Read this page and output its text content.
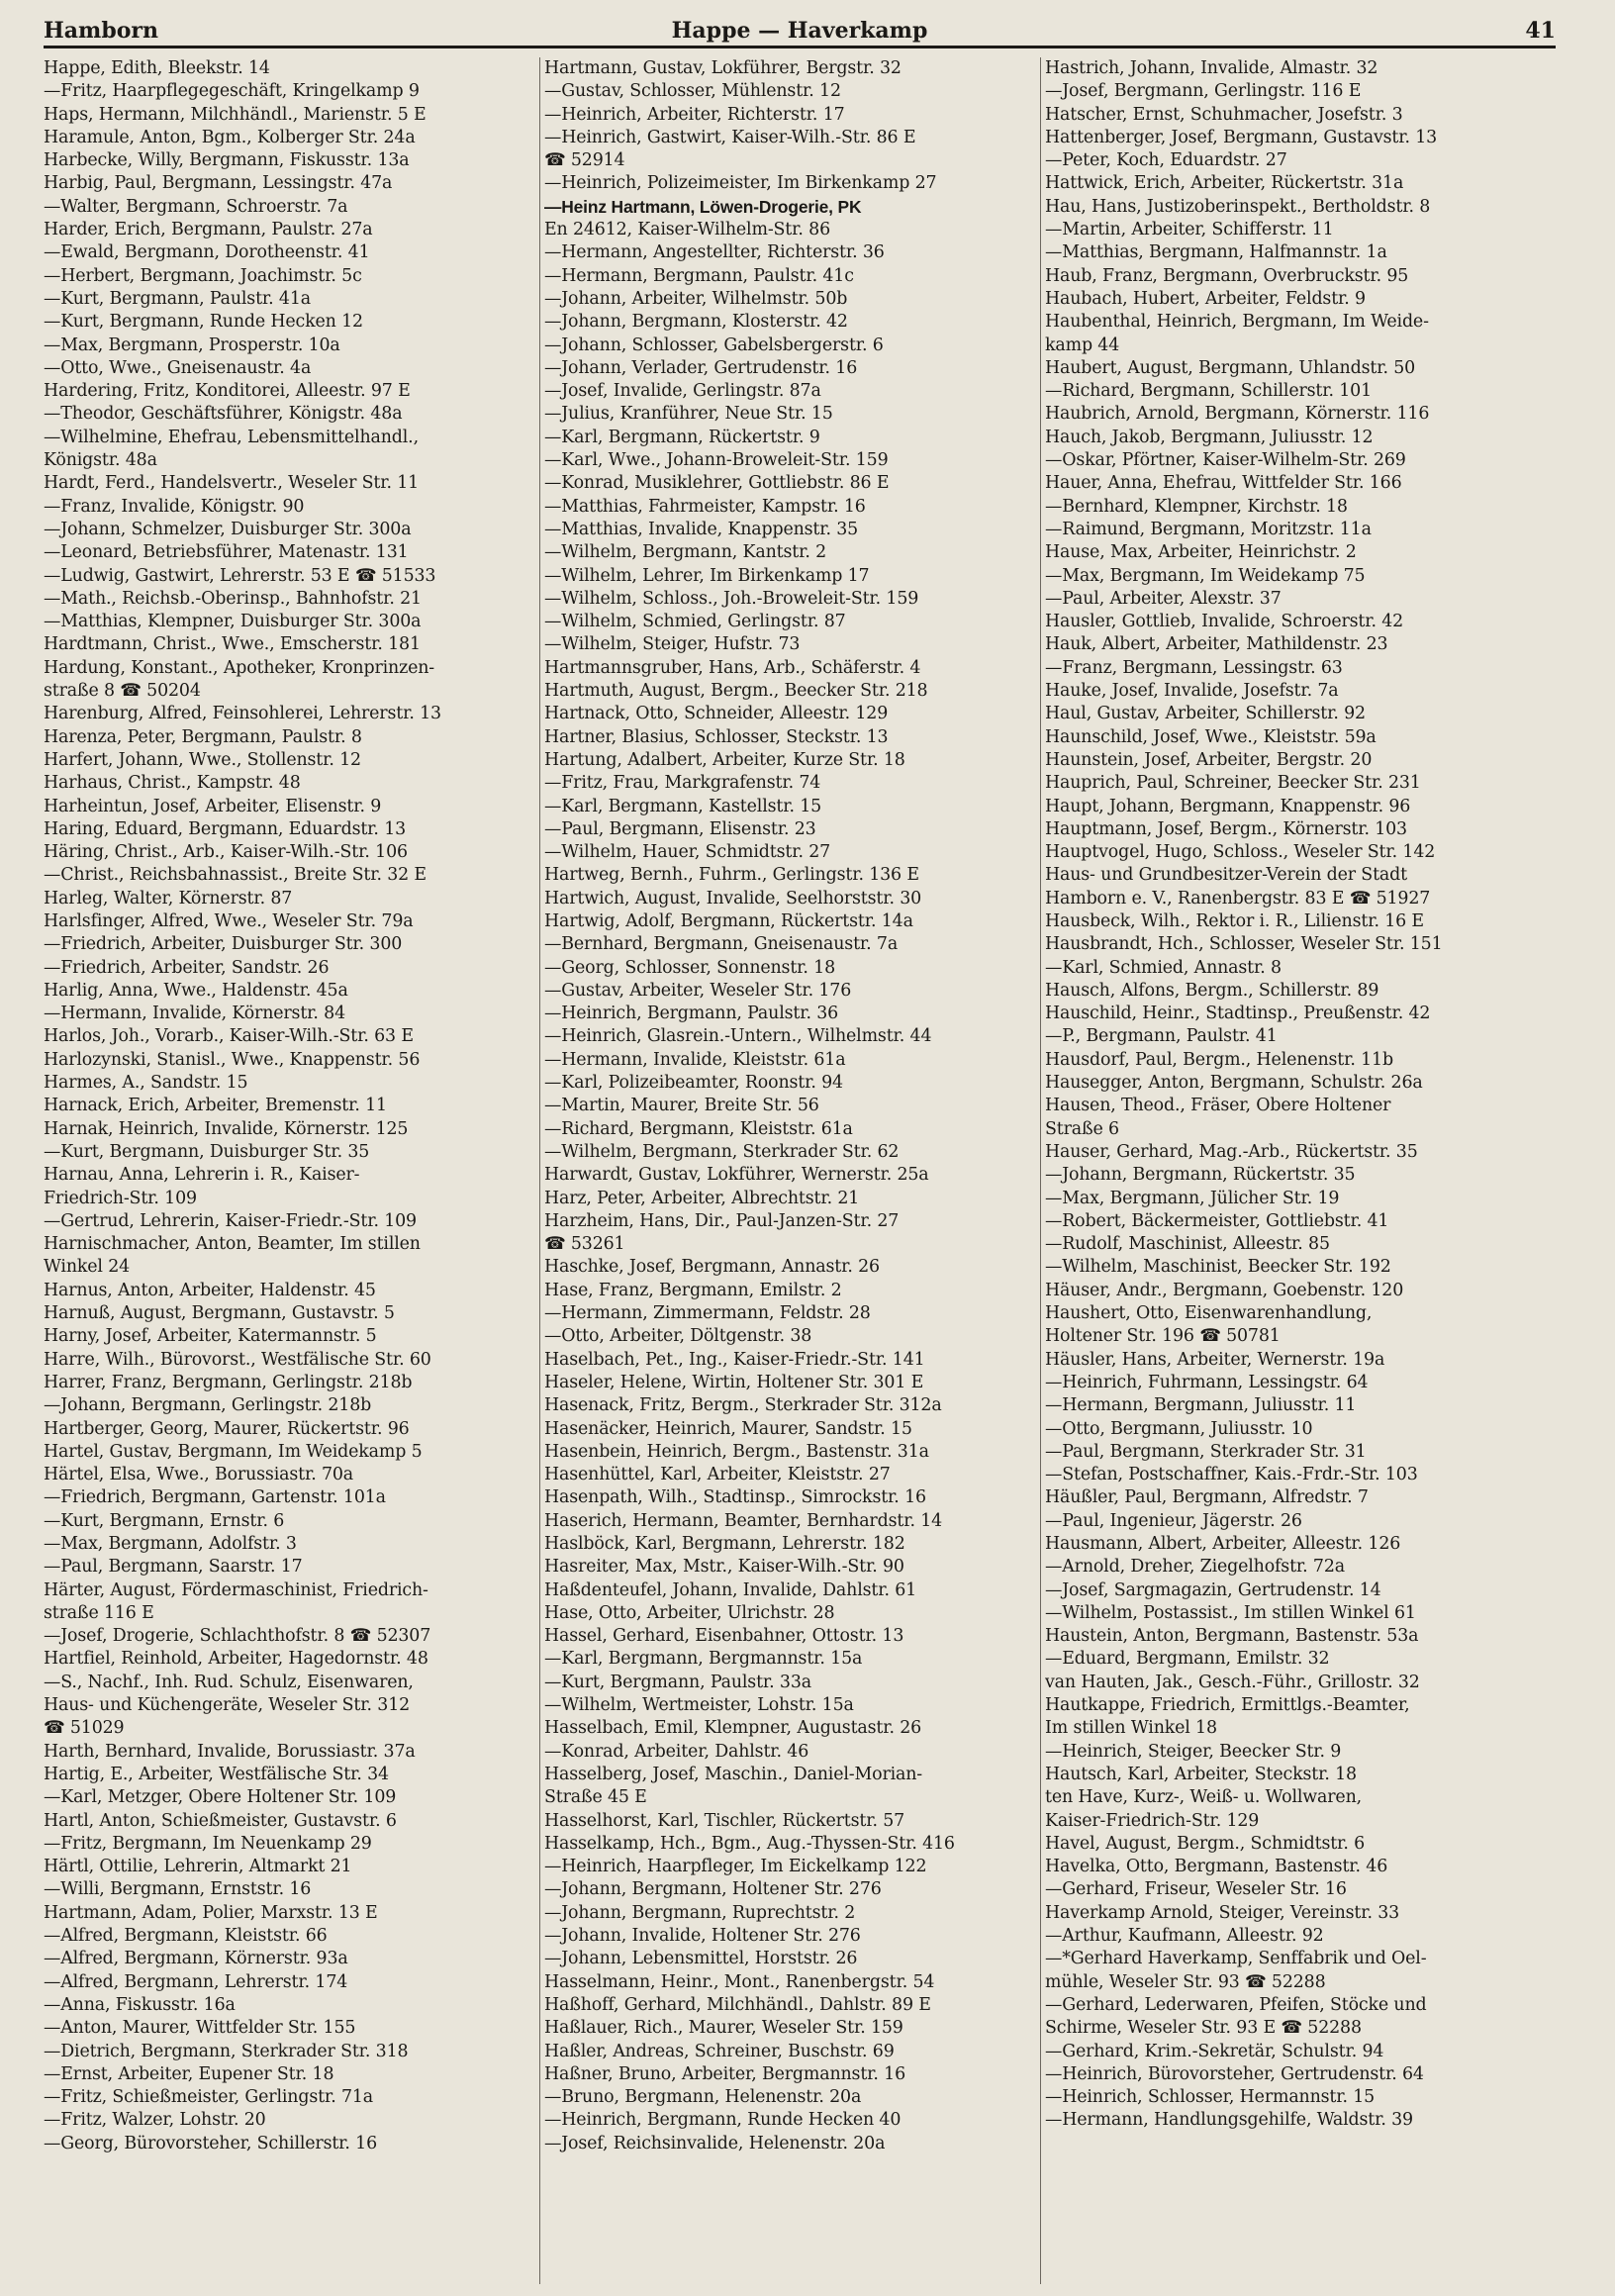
Hamborn	Happe — Haverkamp	41
Happe, Edith, Bleekstr. 14
—Fritz, Haarpflegegeschäft, Kringelkamp 9
Haps, Hermann, Milchhändl., Marienstr. 5 E
Haramule, Anton, Bgm., Kolberger Str. 24a
Harbecke, Willy, Bergmann, Fiskusstr. 13a
Harbig, Paul, Bergmann, Lessingstr. 47a
—Walter, Bergmann, Schroerstr. 7a
Harder, Erich, Bergmann, Paulstr. 27a
—Ewald, Bergmann, Dorotheenstr. 41
—Herbert, Bergmann, Joachimstr. 5c
—Kurt, Bergmann, Paulstr. 41a
—Kurt, Bergmann, Runde Hecken 12
—Max, Bergmann, Prosperstr. 10a
—Otto, Wwe., Gneisenaustr. 4a
Hardering, Fritz, Konditorei, Alleestr. 97 E
—Theodor, Geschäftsführer, Königstr. 48a
—Wilhelmine, Ehefrau, Lebensmittelhandl.,
Königstr. 48a
Hardt, Ferd., Handelsvertr., Weseler Str. 11
—Franz, Invalide, Königstr. 90
—Johann, Schmelzer, Duisburger Str. 300a
—Leonard, Betriebsführer, Matenastr. 131
—Ludwig, Gastwirt, Lehrerstr. 53 E ☎ 51533
—Math., Reichsb.-Oberinsp., Bahnhofstr. 21
—Matthias, Klempner, Duisburger Str. 300a
Hardtmann, Christ., Wwe., Emscherstr. 181
Hardung, Konstant., Apotheker, Kronprinzen-
straße 8 ☎ 50204
Harenburg, Alfred, Feinsohlerei, Lehrerstr. 13
Harenza, Peter, Bergmann, Paulstr. 8
Harfert, Johann, Wwe., Stollenstr. 12
Harhaus, Christ., Kampstr. 48
Harheintun, Josef, Arbeiter, Elisenstr. 9
Haring, Eduard, Bergmann, Eduardstr. 13
Häring, Christ., Arb., Kaiser-Wilh.-Str. 106
—Christ., Reichsbahnassist., Breite Str. 32 E
Harleg, Walter, Körnerstr. 87
Harlsfinger, Alfred, Wwe., Weseler Str. 79a
—Friedrich, Arbeiter, Duisburger Str. 300
—Friedrich, Arbeiter, Sandstr. 26
Harlig, Anna, Wwe., Haldenstr. 45a
—Hermann, Invalide, Körnerstr. 84
Harlos, Joh., Vorarb., Kaiser-Wilh.-Str. 63 E
Harlozynski, Stanisl., Wwe., Knappenstr. 56
Harmes, A., Sandstr. 15
Harnack, Erich, Arbeiter, Bremenstr. 11
Harnak, Heinrich, Invalide, Körnerstr. 125
—Kurt, Bergmann, Duisburger Str. 35
Harnau, Anna, Lehrerin i. R., Kaiser-
Friedrich-Str. 109
—Gertrud, Lehrerin, Kaiser-Friedr.-Str. 109
Harnischmacher, Anton, Beamter, Im stillen
Winkel 24
Harnus, Anton, Arbeiter, Haldenstr. 45
Harnuß, August, Bergmann, Gustavstr. 5
Harny, Josef, Arbeiter, Katermannstr. 5
Harre, Wilh., Bürovorst., Westfälische Str. 60
Harrer, Franz, Bergmann, Gerlingstr. 218b
—Johann, Bergmann, Gerlingstr. 218b
Hartberger, Georg, Maurer, Rückertstr. 96
Hartel, Gustav, Bergmann, Im Weidekamp 5
Härtel, Elsa, Wwe., Borussiastr. 70a
—Friedrich, Bergmann, Gartenstr. 101a
—Kurt, Bergmann, Ernstr. 6
—Max, Bergmann, Adolfstr. 3
—Paul, Bergmann, Saarstr. 17
Härter, August, Fördermaschinist, Friedrich-
straße 116 E
—Josef, Drogerie, Schlachthofstr. 8 ☎ 52307
Hartfiel, Reinhold, Arbeiter, Hagedornstr. 48
—S., Nachf., Inh. Rud. Schulz, Eisenwaren,
Haus- und Küchengeräte, Weseler Str. 312
☎ 51029
Harth, Bernhard, Invalide, Borussiastr. 37a
Hartig, E., Arbeiter, Westfälische Str. 34
—Karl, Metzger, Obere Holtener Str. 109
Hartl, Anton, Schießmeister, Gustavstr. 6
—Fritz, Bergmann, Im Neuenkamp 29
Härtl, Ottilie, Lehrerin, Altmarkt 21
—Willi, Bergmann, Ernststr. 16
Hartmann, Adam, Polier, Marxstr. 13 E
—Alfred, Bergmann, Kleiststr. 66
—Alfred, Bergmann, Körnerstr. 93a
—Alfred, Bergmann, Lehrerstr. 174
—Anna, Fiskusstr. 16a
—Anton, Maurer, Wittfelder Str. 155
—Dietrich, Bergmann, Sterkrader Str. 318
—Ernst, Arbeiter, Eupener Str. 18
—Fritz, Schießmeister, Gerlingstr. 71a
—Fritz, Walzer, Lohstr. 20
—Georg, Bürovorsteher, Schillerstr. 16
Hartmann, Gustav, Lokführer, Bergstr. 32
—Gustav, Schlosser, Mühlenstr. 12
—Heinrich, Arbeiter, Richterstr. 17
—Heinrich, Gastwirt, Kaiser-Wilh.-Str. 86 E
☎ 52914
—Heinrich, Polizeimeister, Im Birkenkamp 27
—Heinz Hartmann, Löwen-Drogerie, PK
En 24612, Kaiser-Wilhelm-Str. 86
—Hermann, Angestellter, Richterstr. 36
—Hermann, Bergmann, Paulstr. 41c
—Johann, Arbeiter, Wilhelmstr. 50b
—Johann, Bergmann, Klosterstr. 42
—Johann, Schlosser, Gabelsbergerstr. 6
—Johann, Verlader, Gertrudenstr. 16
—Josef, Invalide, Gerlingstr. 87a
—Julius, Kranführer, Neue Str. 15
—Karl, Bergmann, Rückertstr. 9
—Karl, Wwe., Johann-Broweleit-Str. 159
—Konrad, Musiklehrer, Gottliebstr. 86 E
—Matthias, Fahrmeister, Kampstr. 16
—Matthias, Invalide, Knappenstr. 35
—Wilhelm, Bergmann, Kantstr. 2
—Wilhelm, Lehrer, Im Birkenkamp 17
—Wilhelm, Schloss., Joh.-Broweleit-Str. 159
—Wilhelm, Schmied, Gerlingstr. 87
—Wilhelm, Steiger, Hufstr. 73
Hartmannsgruber, Hans, Arb., Schäferstr. 4
Hartmuth, August, Bergm., Beecker Str. 218
Hartnack, Otto, Schneider, Alleestr. 129
Hartner, Blasius, Schlosser, Steckstr. 13
Hartung, Adalbert, Arbeiter, Kurze Str. 18
—Fritz, Frau, Markgrafenstr. 74
—Karl, Bergmann, Kastellstr. 15
—Paul, Bergmann, Elisenstr. 23
—Wilhelm, Hauer, Schmidtstr. 27
Hartweg, Bernh., Fuhrm., Gerlingstr. 136 E
Hartwich, August, Invalide, Seelhorststr. 30
Hartwig, Adolf, Bergmann, Rückertstr. 14a
—Bernhard, Bergmann, Gneisenaustr. 7a
—Georg, Schlosser, Sonnenstr. 18
—Gustav, Arbeiter, Weseler Str. 176
—Heinrich, Bergmann, Paulstr. 36
—Heinrich, Glasrein.-Untern., Wilhelmstr. 44
—Hermann, Invalide, Kleiststr. 61a
—Karl, Polizeibeamter, Roonstr. 94
—Martin, Maurer, Breite Str. 56
—Richard, Bergmann, Kleiststr. 61a
—Wilhelm, Bergmann, Sterkrader Str. 62
Harwardt, Gustav, Lokführer, Wernerstr. 25a
Harz, Peter, Arbeiter, Albrechtstr. 21
Harzheim, Hans, Dir., Paul-Janzen-Str. 27
☎ 53261
Haschke, Josef, Bergmann, Annastr. 26
Hase, Franz, Bergmann, Emilstr. 2
—Hermann, Zimmermann, Feldstr. 28
—Otto, Arbeiter, Döltgenstr. 38
Haselbach, Pet., Ing., Kaiser-Friedr.-Str. 141
Haseler, Helene, Wirtin, Holtener Str. 301 E
Hasenack, Fritz, Bergm., Sterkrader Str. 312a
Hasenäcker, Heinrich, Maurer, Sandstr. 15
Hasenbein, Heinrich, Bergm., Bastenstr. 31a
Hasenhüttel, Karl, Arbeiter, Kleiststr. 27
Hasenpath, Wilh., Stadtinsp., Simrockstr. 16
Haserich, Hermann, Beamter, Bernhardstr. 14
Haslböck, Karl, Bergmann, Lehrerstr. 182
Hasreiter, Max, Mstr., Kaiser-Wilh.-Str. 90
Haßdenteufel, Johann, Invalide, Dahlstr. 61
Hase, Otto, Arbeiter, Ulrichstr. 28
Hassel, Gerhard, Eisenbahner, Ottostr. 13
—Karl, Bergmann, Bergmannstr. 15a
—Kurt, Bergmann, Paulstr. 33a
—Wilhelm, Wertmeister, Lohstr. 15a
Hasselbach, Emil, Klempner, Augustastr. 26
—Konrad, Arbeiter, Dahlstr. 46
Hasselberg, Josef, Maschin., Daniel-Morian-
Straße 45 E
Hasselhorst, Karl, Tischler, Rückertstr. 57
Hasselkamp, Hch., Bgm., Aug.-Thyssen-Str. 416
—Heinrich, Haarpfleger, Im Eickelkamp 122
—Johann, Bergmann, Holtener Str. 276
—Johann, Bergmann, Ruprechtstr. 2
—Johann, Invalide, Holtener Str. 276
—Johann, Lebensmittel, Horststr. 26
Hasselmann, Heinr., Mont., Ranenbergstr. 54
Haßhoff, Gerhard, Milchhändl., Dahlstr. 89 E
Haßlauer, Rich., Maurer, Weseler Str. 159
Haßler, Andreas, Schreiner, Buschstr. 69
Haßner, Bruno, Arbeiter, Bergmannstr. 16
—Bruno, Bergmann, Helenenstr. 20a
—Heinrich, Bergmann, Runde Hecken 40
—Josef, Reichsinvalide, Helenenstr. 20a
Hastrich, Johann, Invalide, Almastr. 32
—Josef, Bergmann, Gerlingstr. 116 E
Hatscher, Ernst, Schuhmacher, Josefstr. 3
Hattenberger, Josef, Bergmann, Gustavstr. 13
—Peter, Koch, Eduardstr. 27
Hattwick, Erich, Arbeiter, Rückertstr. 31a
Hau, Hans, Justizoberinspekt., Bertholdstr. 8
—Martin, Arbeiter, Schifferstr. 11
—Matthias, Bergmann, Halfmannstr. 1a
Haub, Franz, Bergmann, Overbruckstr. 95
Haubach, Hubert, Arbeiter, Feldstr. 9
Haubenthal, Heinrich, Bergmann, Im Weide-
kamp 44
Haubert, August, Bergmann, Uhlandstr. 50
—Richard, Bergmann, Schillerstr. 101
Haubrich, Arnold, Bergmann, Körnerstr. 116
Hauch, Jakob, Bergmann, Juliusstr. 12
—Oskar, Pförtner, Kaiser-Wilhelm-Str. 269
Hauer, Anna, Ehefrau, Wittfelder Str. 166
—Bernhard, Klempner, Kirchstr. 18
—Raimund, Bergmann, Moritzstr. 11a
Hause, Max, Arbeiter, Heinrichstr. 2
—Max, Bergmann, Im Weidekamp 75
—Paul, Arbeiter, Alexstr. 37
Hausler, Gottlieb, Invalide, Schroerstr. 42
Hauk, Albert, Arbeiter, Mathildenstr. 23
—Franz, Bergmann, Lessingstr. 63
Hauke, Josef, Invalide, Josefstr. 7a
Haul, Gustav, Arbeiter, Schillerstr. 92
Haunschild, Josef, Wwe., Kleiststr. 59a
Haunstein, Josef, Arbeiter, Bergstr. 20
Hauprich, Paul, Schreiner, Beecker Str. 231
Haupt, Johann, Bergmann, Knappenstr. 96
Hauptmann, Josef, Bergm., Körnerstr. 103
Hauptvogel, Hugo, Schloss., Weseler Str. 142
Haus- und Grundbesitzer-Verein der Stadt
Hamborn e. V., Ranenbergstr. 83 E ☎ 51927
Hausbeck, Wilh., Rektor i. R., Lilienstr. 16 E
Hausbrandt, Hch., Schlosser, Weseler Str. 151
—Karl, Schmied, Annastr. 8
Hausch, Alfons, Bergm., Schillerstr. 89
Hauschild, Heinr., Stadtinsp., Preußenstr. 42
—P., Bergmann, Paulstr. 41
Hausdorf, Paul, Bergm., Helenenstr. 11b
Hausegger, Anton, Bergmann, Schulstr. 26a
Hausen, Theod., Fräser, Obere Holtener
Straße 6
Hauser, Gerhard, Mag.-Arb., Rückertstr. 35
—Johann, Bergmann, Rückertstr. 35
—Max, Bergmann, Jülicher Str. 19
—Robert, Bäckermeister, Gottliebstr. 41
—Rudolf, Maschinist, Alleestr. 85
—Wilhelm, Maschinist, Beecker Str. 192
Häuser, Andr., Bergmann, Goebenstr. 120
Haushert, Otto, Eisenwarenhandlung,
Holtener Str. 196 ☎ 50781
Häusler, Hans, Arbeiter, Wernerstr. 19a
—Heinrich, Fuhrmann, Lessingstr. 64
—Hermann, Bergmann, Juliusstr. 11
—Otto, Bergmann, Juliusstr. 10
—Paul, Bergmann, Sterkrader Str. 31
—Stefan, Postschaffner, Kais.-Frdr.-Str. 103
Häußler, Paul, Bergmann, Alfredstr. 7
—Paul, Ingenieur, Jägerstr. 26
Hausmann, Albert, Arbeiter, Alleestr. 126
—Arnold, Dreher, Ziegelhofstr. 72a
—Josef, Sargmagazin, Gertrudenstr. 14
—Wilhelm, Postassist., Im stillen Winkel 61
Haustein, Anton, Bergmann, Bastenstr. 53a
—Eduard, Bergmann, Emilstr. 32
van Hauten, Jak., Gesch.-Führ., Grillostr. 32
Hautkappe, Friedrich, Ermittlgs.-Beamter,
Im stillen Winkel 18
—Heinrich, Steiger, Beecker Str. 9
Hautsch, Karl, Arbeiter, Steckstr. 18
ten Have, Kurz-, Weiß- u. Wollwaren,
Kaiser-Friedrich-Str. 129
Havel, August, Bergm., Schmidtstr. 6
Havelka, Otto, Bergmann, Bastenstr. 46
—Gerhard, Friseur, Weseler Str. 16
Haverkamp Arnold, Steiger, Vereinstr. 33
—Arthur, Kaufmann, Alleestr. 92
—*Gerhard Haverkamp, Senffabrik und Oel-
mühle, Weseler Str. 93 ☎ 52288
—Gerhard, Lederwaren, Pfeifen, Stöcke und
Schirme, Weseler Str. 93 E ☎ 52288
—Gerhard, Krim.-Sekretär, Schulstr. 94
—Heinrich, Bürovorsteher, Gertrudenstr. 64
—Heinrich, Schlosser, Hermannstr. 15
—Hermann, Handlungsgehilfe, Waldstr. 39
